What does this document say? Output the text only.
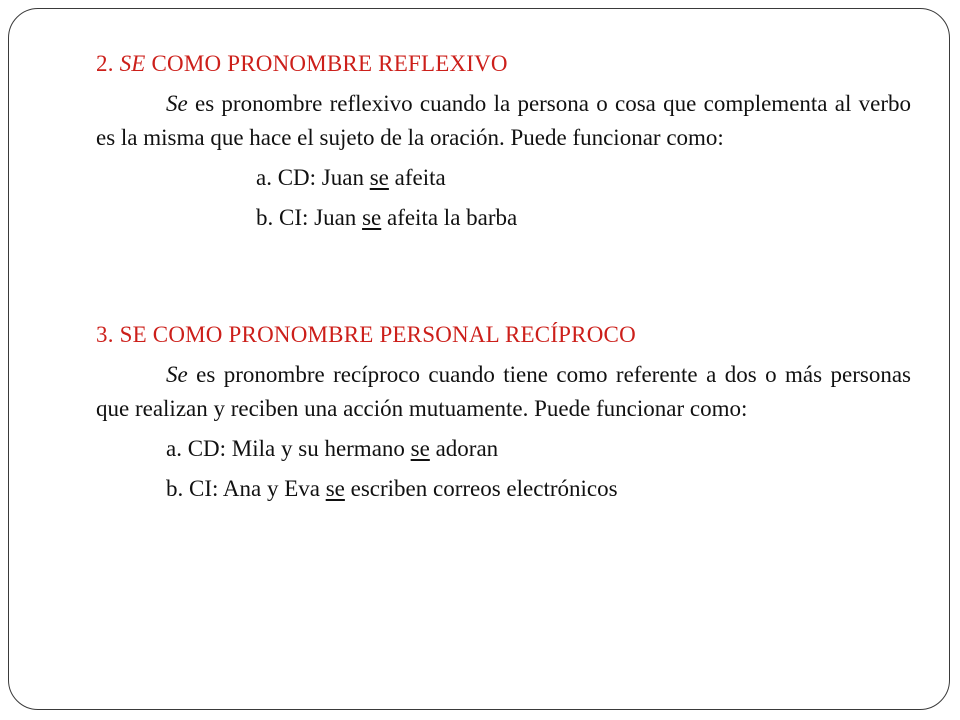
2. SE COMO PRONOMBRE REFLEXIVO

Se es pronombre reflexivo cuando la persona o cosa que complementa al verbo es la misma que hace el sujeto de la oración. Puede funcionar como:

a. CD: Juan se afeita
b. CI: Juan se afeita la barba
3. SE COMO PRONOMBRE PERSONAL RECÍPROCO

Se es pronombre recíproco cuando tiene como referente a dos o más personas que realizan y reciben una acción mutuamente. Puede funcionar como:

a. CD: Mila y su hermano se adoran
b. CI: Ana y Eva se escriben correos electrónicos
